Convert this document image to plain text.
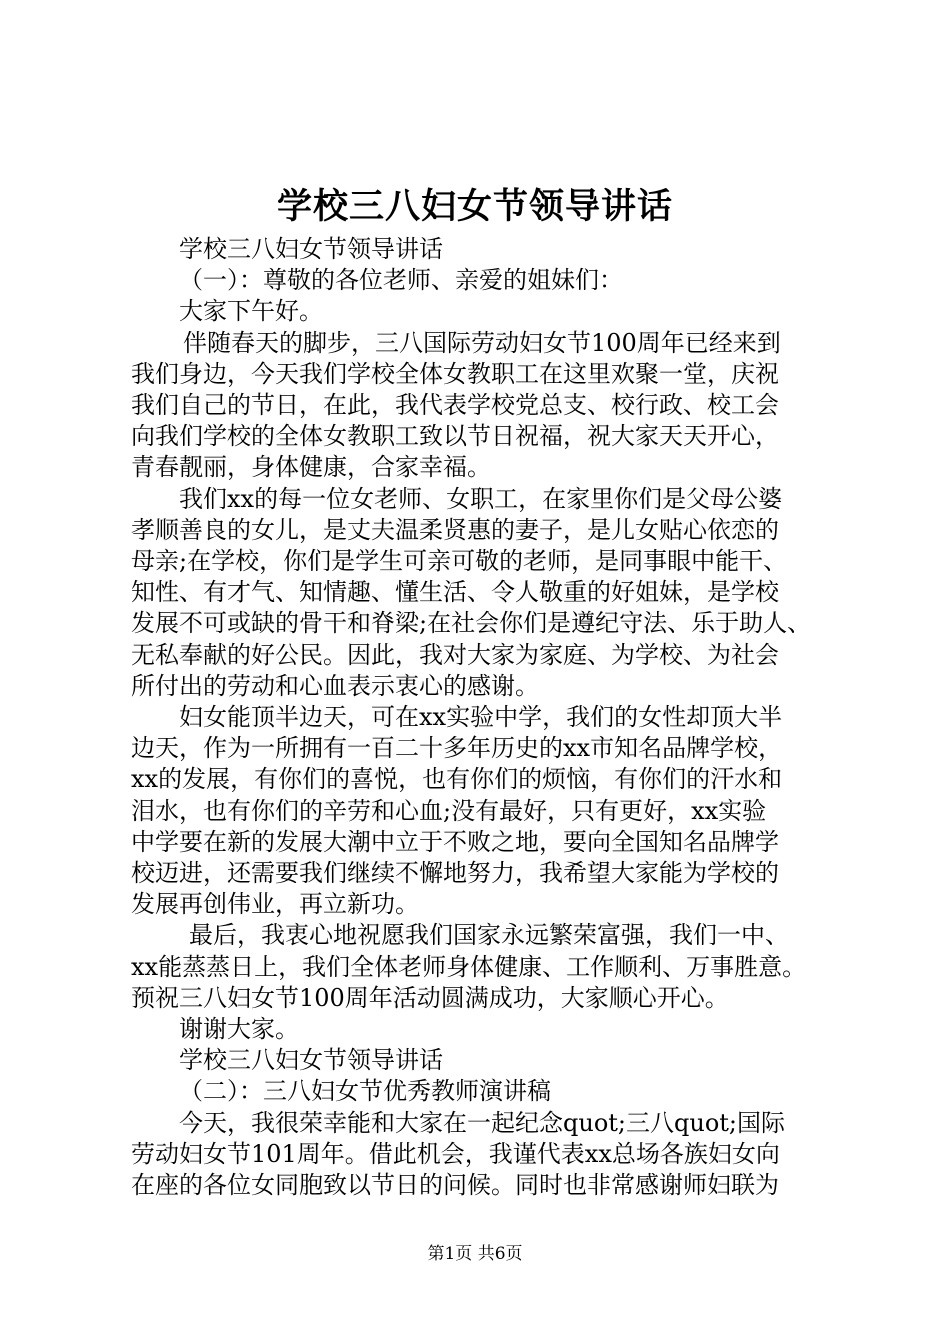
学校三八妇女节领导讲话
学校三八妇女节领导讲话
（一）：尊敬的各位老师、亲爱的姐妹们：
大家下午好。
伴随春天的脚步，三八国际劳动妇女节100周年已经来到
我们身边，今天我们学校全体女教职工在这里欢聚一堂，庆祝
我们自己的节日，在此，我代表学校党总支、校行政、校工会
向我们学校的全体女教职工致以节日祝福，祝大家天天开心，
青春靓丽，身体健康，合家幸福。
我们xx的每一位女老师、女职工，在家里你们是父母公婆
孝顺善良的女儿，是丈夫温柔贤惠的妻子，是儿女贴心依恋的
母亲;在学校，你们是学生可亲可敬的老师，是同事眼中能干、
知性、有才气、知情趣、懂生活、令人敬重的好姐妹，是学校
发展不可或缺的骨干和脊梁;在社会你们是遵纪守法、乐于助人、
无私奉献的好公民。因此，我对大家为家庭、为学校、为社会
所付出的劳动和心血表示衷心的感谢。
妇女能顶半边天，可在xx实验中学，我们的女性却顶大半
边天，作为一所拥有一百二十多年历史的xx市知名品牌学校，
xx的发展，有你们的喜悦，也有你们的烦恼，有你们的汗水和
泪水，也有你们的辛劳和心血;没有最好，只有更好，xx实验
中学要在新的发展大潮中立于不败之地，要向全国知名品牌学
校迈进，还需要我们继续不懈地努力，我希望大家能为学校的
发展再创伟业，再立新功。
最后，我衷心地祝愿我们国家永远繁荣富强，我们一中、
xx能蒸蒸日上，我们全体老师身体健康、工作顺利、万事胜意。
预祝三八妇女节100周年活动圆满成功，大家顺心开心。
谢谢大家。
学校三八妇女节领导讲话
（二）：三八妇女节优秀教师演讲稿
今天，我很荣幸能和大家在一起纪念quot;三八quot;国际
劳动妇女节101周年。借此机会，我谨代表xx总场各族妇女向
在座的各位女同胞致以节日的问候。同时也非常感谢师妇联为
第1页 共6页
